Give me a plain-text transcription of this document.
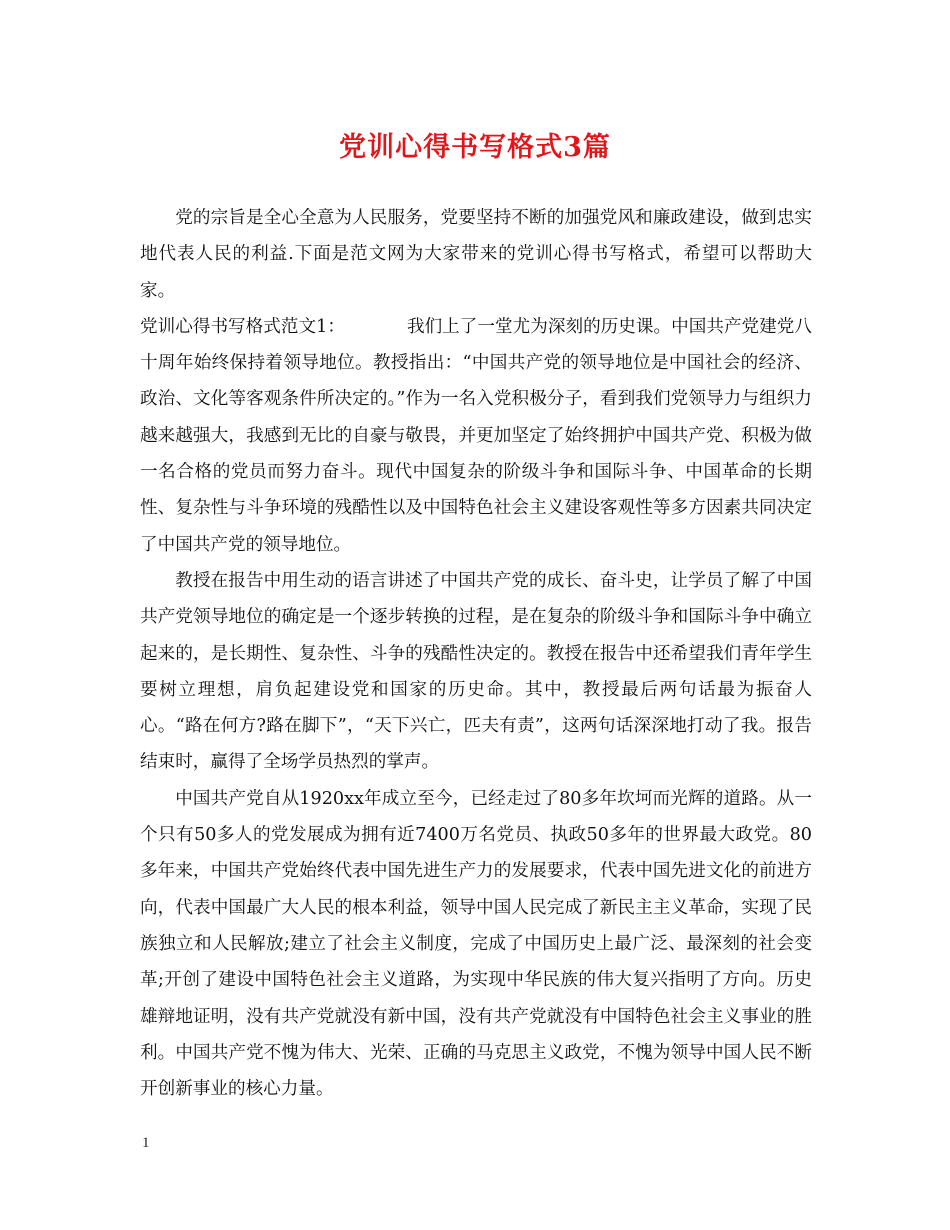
党训心得书写格式3篇

党的宗旨是全心全意为人民服务，党要坚持不断的加强党风和廉政建设，做到忠实地代表人民的利益.下面是范文网为大家带来的党训心得书写格式，希望可以帮助大家。

党训心得书写格式范文1：	我们上了一堂尤为深刻的历史课。中国共产党建党八十周年始终保持着领导地位。教授指出：“中国共产党的领导地位是中国社会的经济、政治、文化等客观条件所决定的。”作为一名入党积极分子，看到我们党领导力与组织力越来越强大，我感到无比的自豪与敬畏，并更加坚定了始终拥护中国共产党、积极为做一名合格的党员而努力奋斗。现代中国复杂的阶级斗争和国际斗争、中国革命的长期性、复杂性与斗争环境的残酷性以及中国特色社会主义建设客观性等多方因素共同决定了中国共产党的领导地位。

教授在报告中用生动的语言讲述了中国共产党的成长、奋斗史，让学员了解了中国共产党领导地位的确定是一个逐步转换的过程，是在复杂的阶级斗争和国际斗争中确立起来的，是长期性、复杂性、斗争的残酷性决定的。教授在报告中还希望我们青年学生要树立理想，肩负起建设党和国家的历史命。其中，教授最后两句话最为振奋人心。“路在何方?路在脚下”，“天下兴亡，匹夫有责”，这两句话深深地打动了我。报告结束时，赢得了全场学员热烈的掌声。

中国共产党自从1920xx年成立至今，已经走过了80多年坎坷而光辉的道路。从一个只有50多人的党发展成为拥有近7400万名党员、执政50多年的世界最大政党。80多年来，中国共产党始终代表中国先进生产力的发展要求，代表中国先进文化的前进方向，代表中国最广大人民的根本利益，领导中国人民完成了新民主主义革命，实现了民族独立和人民解放;建立了社会主义制度，完成了中国历史上最广泛、最深刻的社会变革;开创了建设中国特色社会主义道路，为实现中华民族的伟大复兴指明了方向。历史雄辩地证明，没有共产党就没有新中国，没有共产党就没有中国特色社会主义事业的胜利。中国共产党不愧为伟大、光荣、正确的马克思主义政党，不愧为领导中国人民不断开创新事业的核心力量。

1
